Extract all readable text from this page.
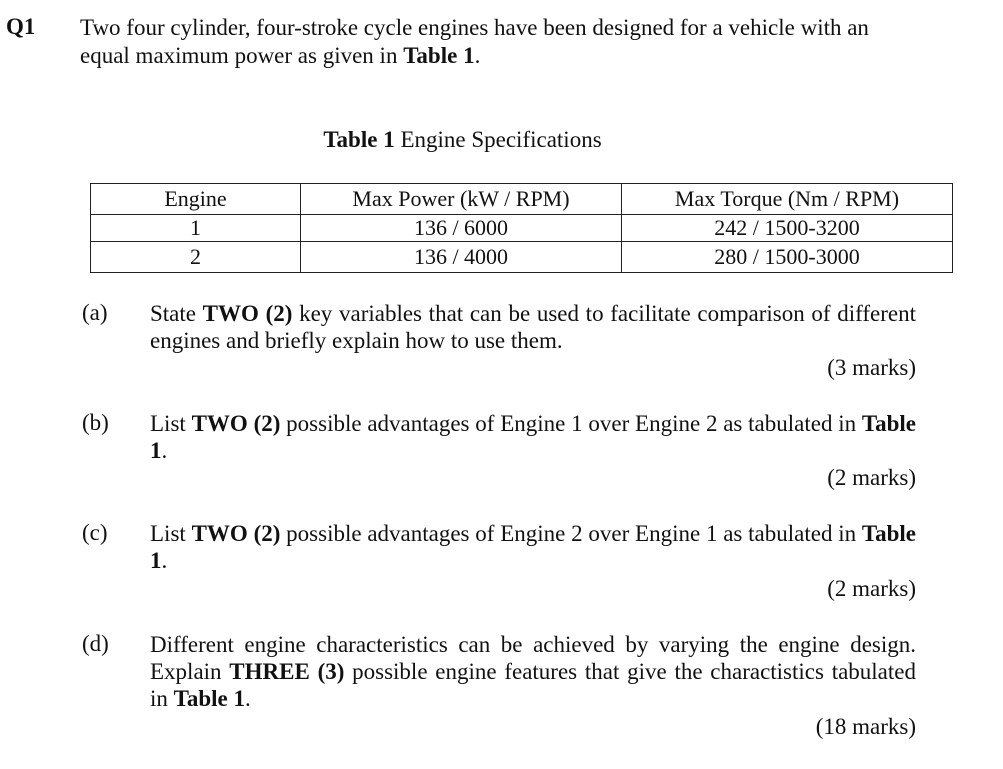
Q1 Two four cylinder, four-stroke cycle engines have been designed for a vehicle with an equal maximum power as given in Table 1.
Table 1 Engine Specifications
Engine	Max Power (kW / RPM)	Max Torque (Nm / RPM)
1	136 / 6000	242 / 1500-3200
2	136 / 4000	280 / 1500-3000
(a) State TWO (2) key variables that can be used to facilitate comparison of different engines and briefly explain how to use them.
(3 marks)
(b) List TWO (2) possible advantages of Engine 1 over Engine 2 as tabulated in Table 1.
(2 marks)
(c) List TWO (2) possible advantages of Engine 2 over Engine 1 as tabulated in Table 1.
(2 marks)
(d) Different engine characteristics can be achieved by varying the engine design. Explain THREE (3) possible engine features that give the charactistics tabulated in Table 1.
(18 marks)
